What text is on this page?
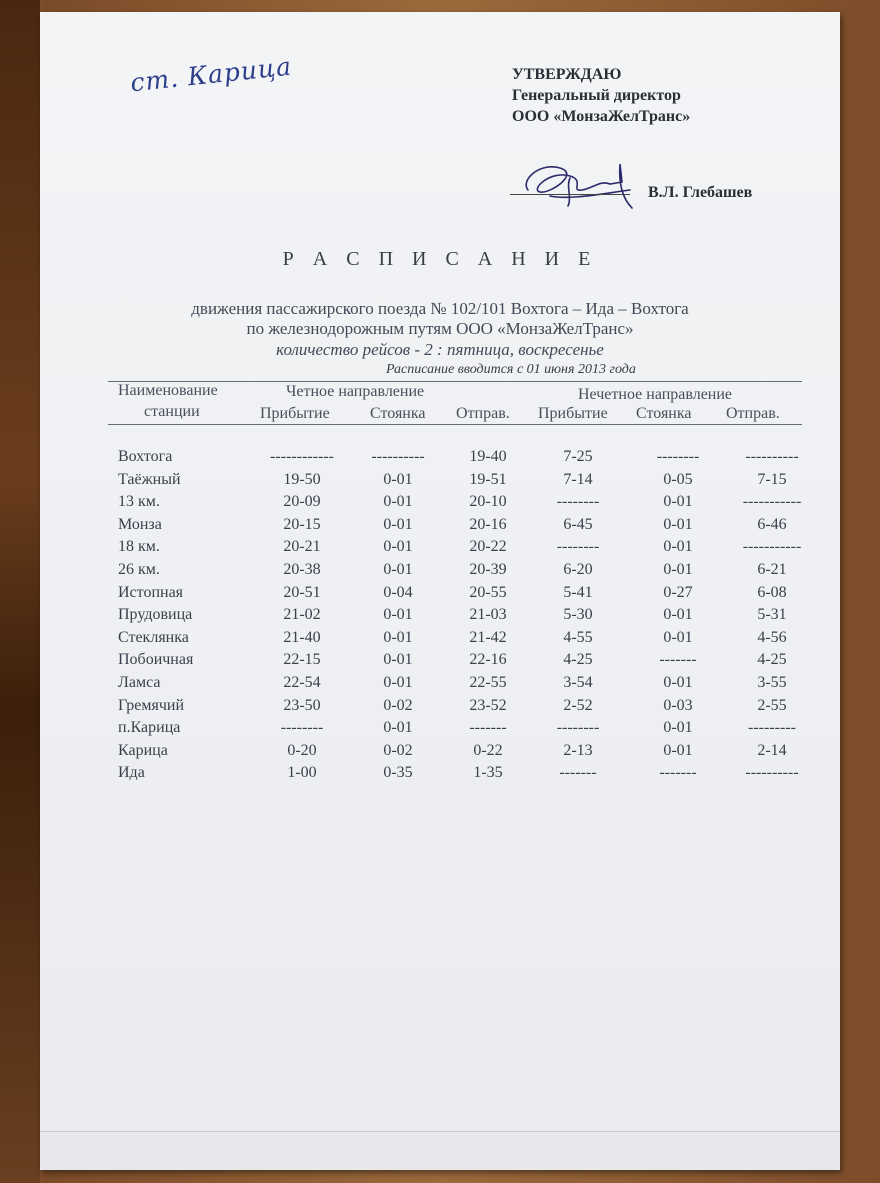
ст. Карица	УТВЕРЖДАЮ
Генеральный директор
ООО «МонзаЖелТранс»
В.Л. Глебашев
Р А С П И С А Н И Е
движения пассажирского поезда № 102/101 Вохтога – Ида – Вохтога
по железнодорожным путям ООО «МонзаЖелТранс»
количество рейсов - 2 : пятница, воскресенье
Расписание вводится с 01 июня 2013 года
Наименование
станции
Четное направление	Нечетное направление
Прибытие	Стоянка Отправ. Прибытие Стоянка Отправ.
Вохтога	------------ ----------	19-40	7-25	--------	----------
Таёжный	19-50	0-01	19-51	7-14	0-05	7-15
13 км.	20-09	0-01	20-10	--------	0-01	-----------
Монза	20-15	0-01	20-16	6-45	0-01	6-46
18 км.	20-21	0-01	20-22	--------	0-01	-----------
26 км.	20-38	0-01	20-39	6-20	0-01	6-21
Истопная	20-51	0-04	20-55	5-41	0-27	6-08
Прудовица	21-02	0-01	21-03	5-30	0-01	5-31
Стеклянка	21-40	0-01	21-42	4-55	0-01	4-56
Побоичная	22-15	0-01	22-16	4-25	-------	4-25
Ламса	22-54	0-01	22-55	3-54	0-01	3-55
Гремячий	23-50	0-02	23-52	2-52	0-03	2-55
п.Карица	--------	0-01	-------	--------	0-01	---------
Карица	0-20	0-02	0-22	2-13	0-01	2-14
Ида	1-00	0-35	1-35	-------	-------	----------
